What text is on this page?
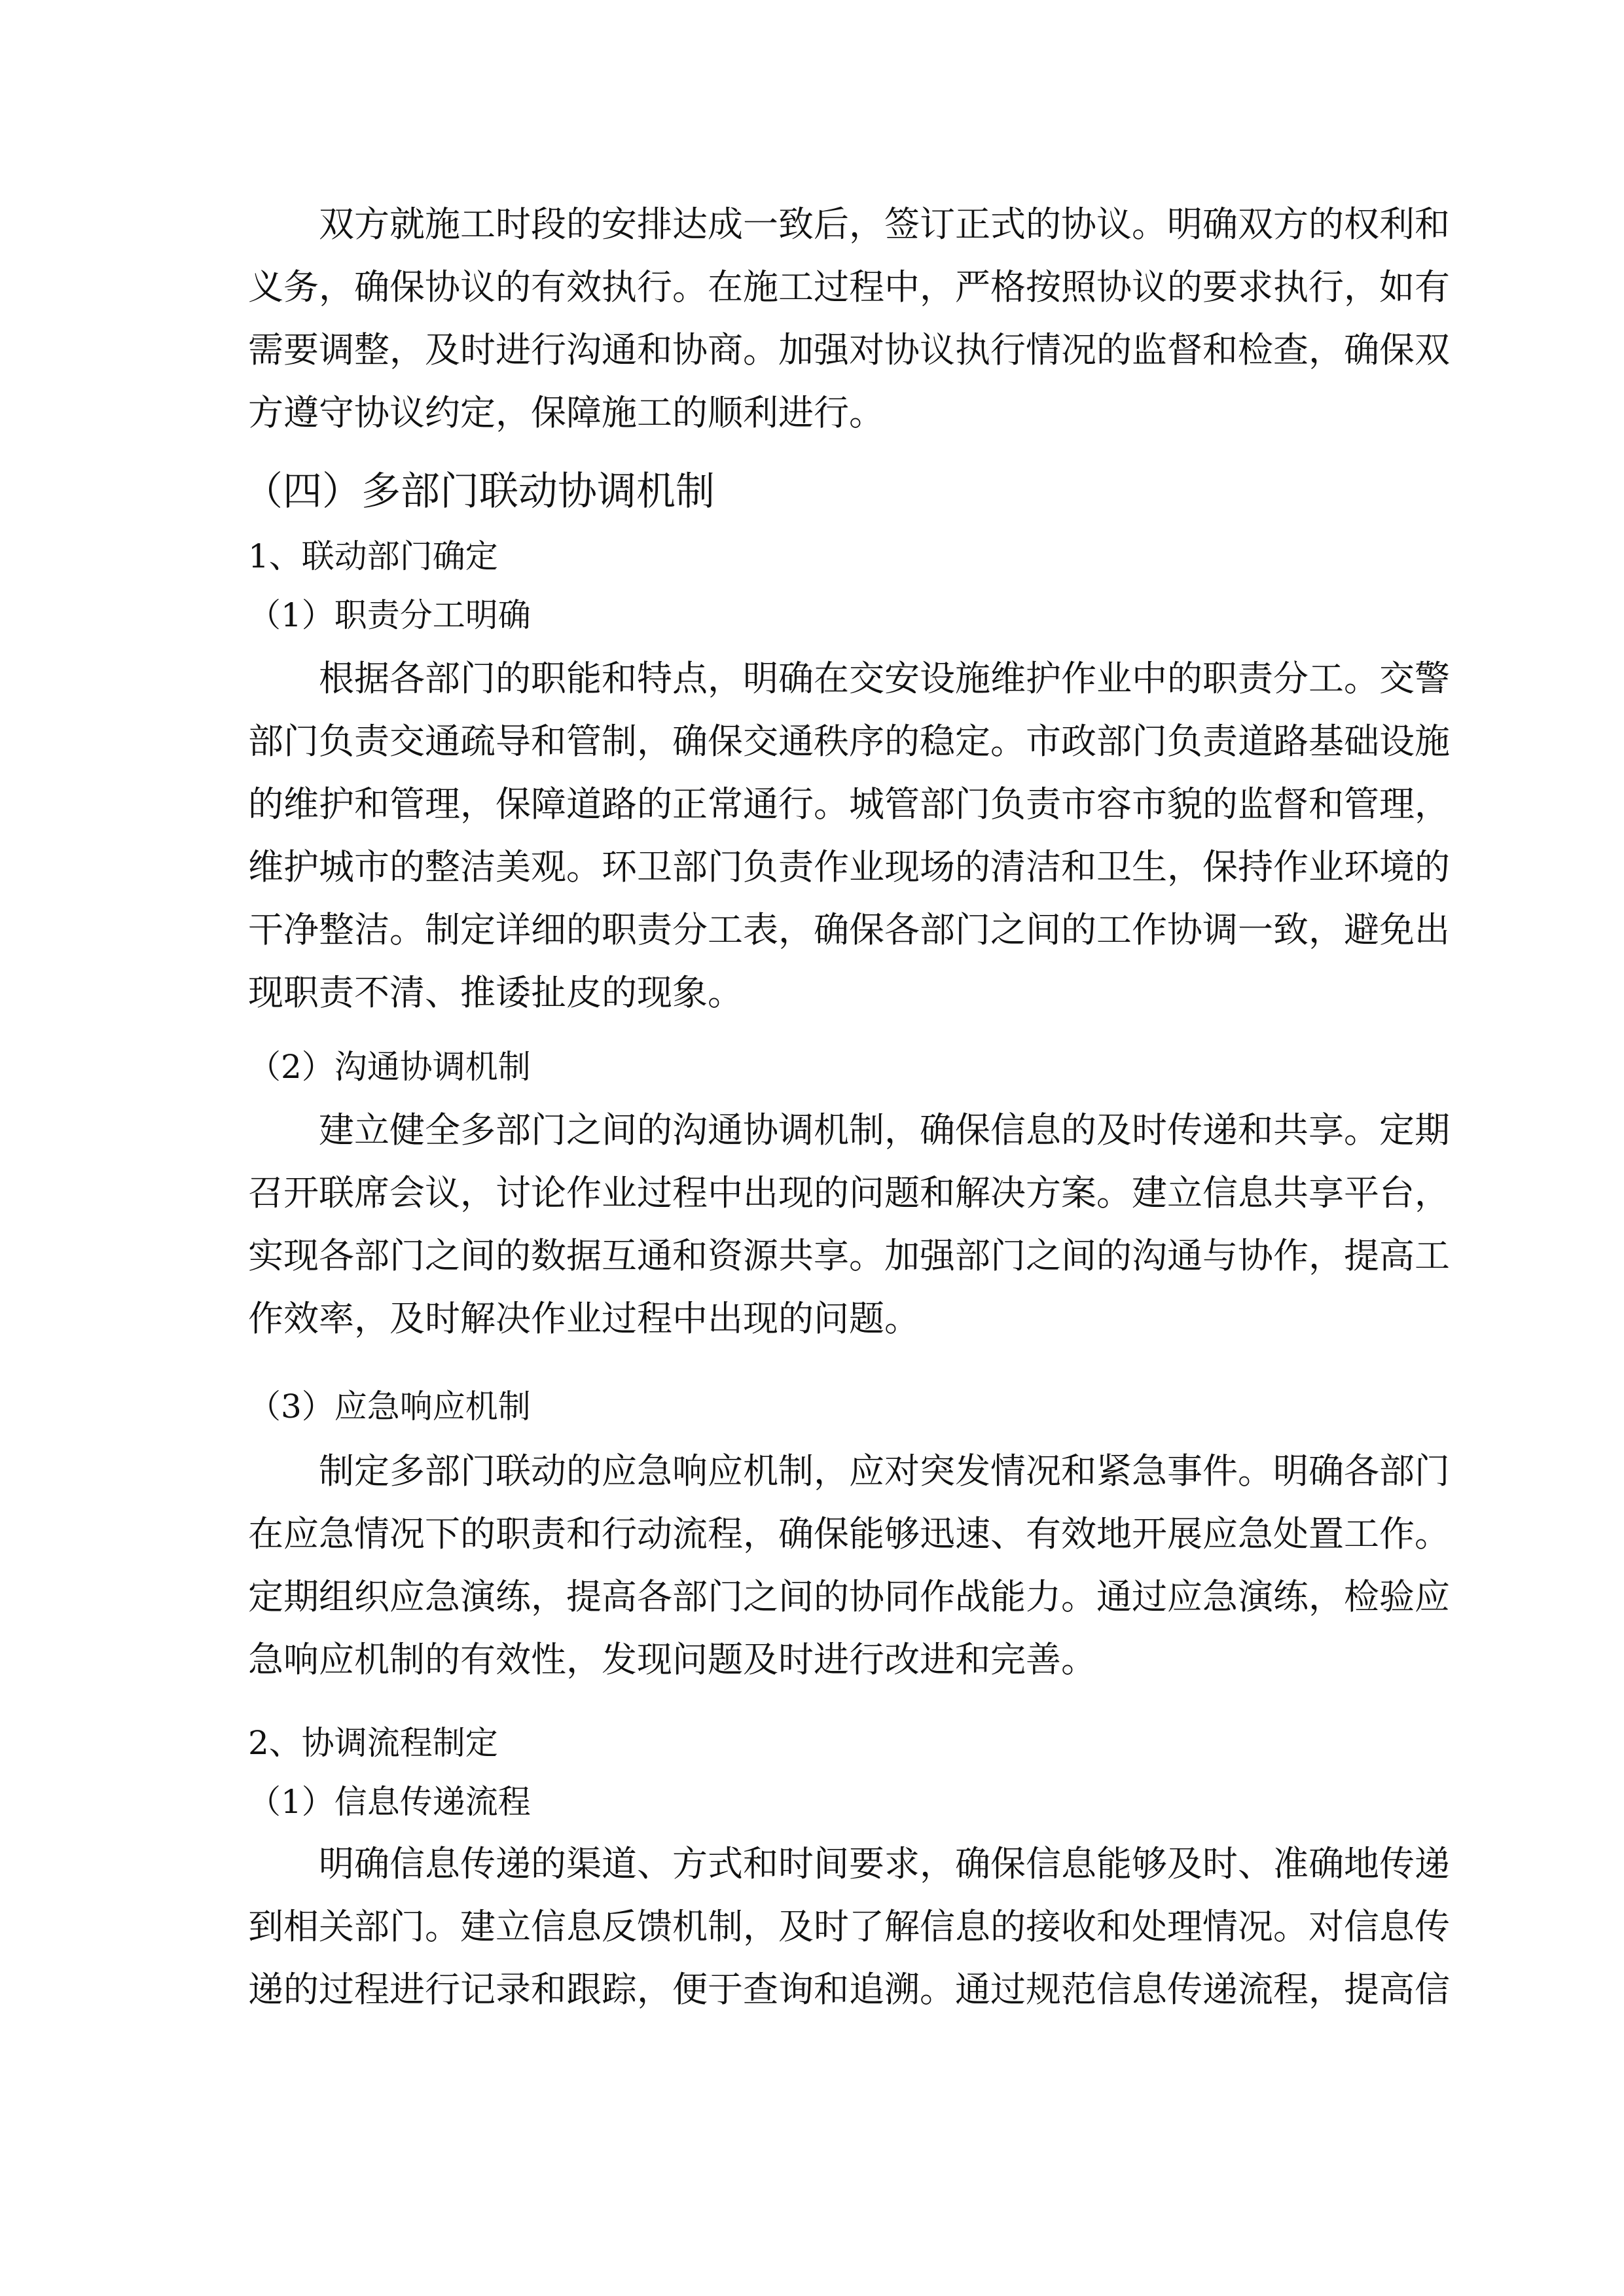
双方就施工时段的安排达成一致后，签订正式的协议。明确双方的权利和
义务，确保协议的有效执行。在施工过程中，严格按照协议的要求执行，如有
需要调整，及时进行沟通和协商。加强对协议执行情况的监督和检查，确保双
方遵守协议约定，保障施工的顺利进行。
（四）多部门联动协调机制
1、联动部门确定
（1）职责分工明确
根据各部门的职能和特点，明确在交安设施维护作业中的职责分工。交警
部门负责交通疏导和管制，确保交通秩序的稳定。市政部门负责道路基础设施
的维护和管理，保障道路的正常通行。城管部门负责市容市貌的监督和管理，
维护城市的整洁美观。环卫部门负责作业现场的清洁和卫生，保持作业环境的
干净整洁。制定详细的职责分工表，确保各部门之间的工作协调一致，避免出
现职责不清、推诿扯皮的现象。
（2）沟通协调机制
建立健全多部门之间的沟通协调机制，确保信息的及时传递和共享。定期
召开联席会议，讨论作业过程中出现的问题和解决方案。建立信息共享平台，
实现各部门之间的数据互通和资源共享。加强部门之间的沟通与协作，提高工
作效率，及时解决作业过程中出现的问题。
（3）应急响应机制
制定多部门联动的应急响应机制，应对突发情况和紧急事件。明确各部门
在应急情况下的职责和行动流程，确保能够迅速、有效地开展应急处置工作。
定期组织应急演练，提高各部门之间的协同作战能力。通过应急演练，检验应
急响应机制的有效性，发现问题及时进行改进和完善。
2、协调流程制定
（1）信息传递流程
明确信息传递的渠道、方式和时间要求，确保信息能够及时、准确地传递
到相关部门。建立信息反馈机制，及时了解信息的接收和处理情况。对信息传
递的过程进行记录和跟踪，便于查询和追溯。通过规范信息传递流程，提高信
